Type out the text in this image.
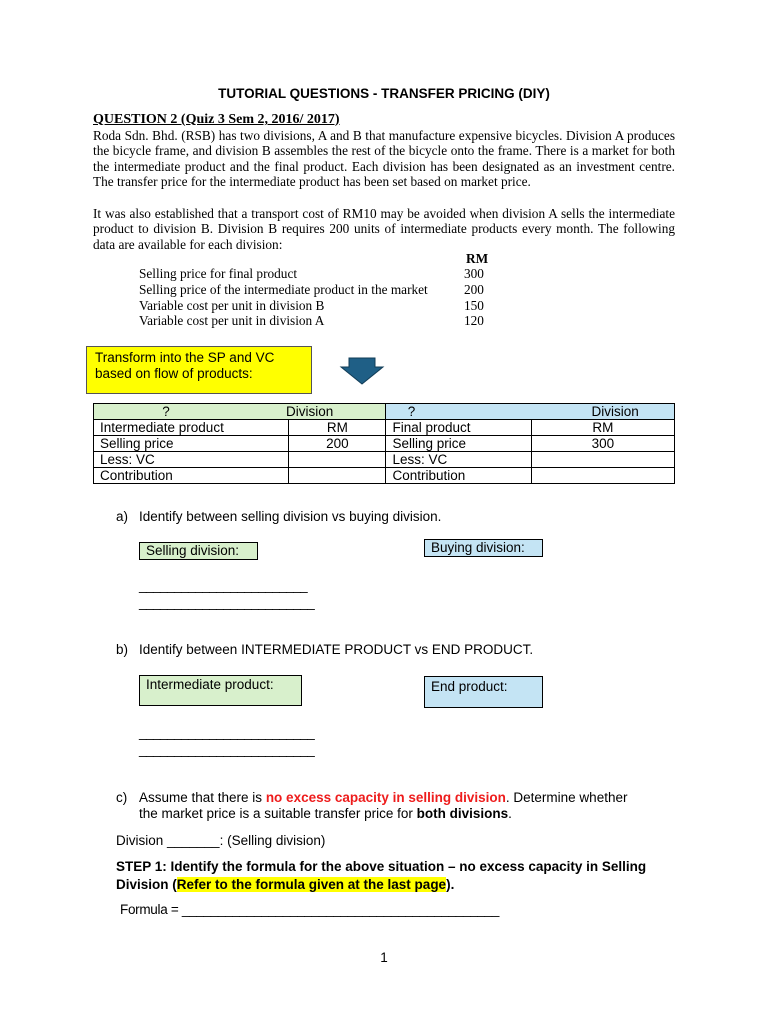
TUTORIAL QUESTIONS - TRANSFER PRICING (DIY)
QUESTION 2 (Quiz 3 Sem 2, 2016/ 2017)
Roda Sdn. Bhd. (RSB) has two divisions, A and B that manufacture expensive bicycles. Division A produces the bicycle frame, and division B assembles the rest of the bicycle onto the frame. There is a market for both the intermediate product and the final product. Each division has been designated as an investment centre. The transfer price for the intermediate product has been set based on market price.
It was also established that a transport cost of RM10 may be avoided when division A sells the intermediate product to division B. Division B requires 200 units of intermediate products every month. The following data are available for each division:
RM
Selling price for final product	300
Selling price of the intermediate product in the market	200
Variable cost per unit in division B	150
Variable cost per unit in division A	120
Transform into the SP and VC based on flow of products:
? Division		? Division	
Intermediate product	RM	Final product	RM
Selling price	200	Selling price	300
Less: VC		Less: VC	
Contribution		Contribution	
a) Identify between selling division vs buying division.
Selling division:	Buying division:
________________________
_________________________
b) Identify between INTERMEDIATE PRODUCT vs END PRODUCT.
Intermediate product:	End product:
_________________________
_________________________
c) Assume that there is no excess capacity in selling division. Determine whether
the market price is a suitable transfer price for both divisions.
Division _______: (Selling division)
STEP 1: Identify the formula for the above situation – no excess capacity in Selling
Division (Refer to the formula given at the last page).
Formula = ____________________________________________
1
